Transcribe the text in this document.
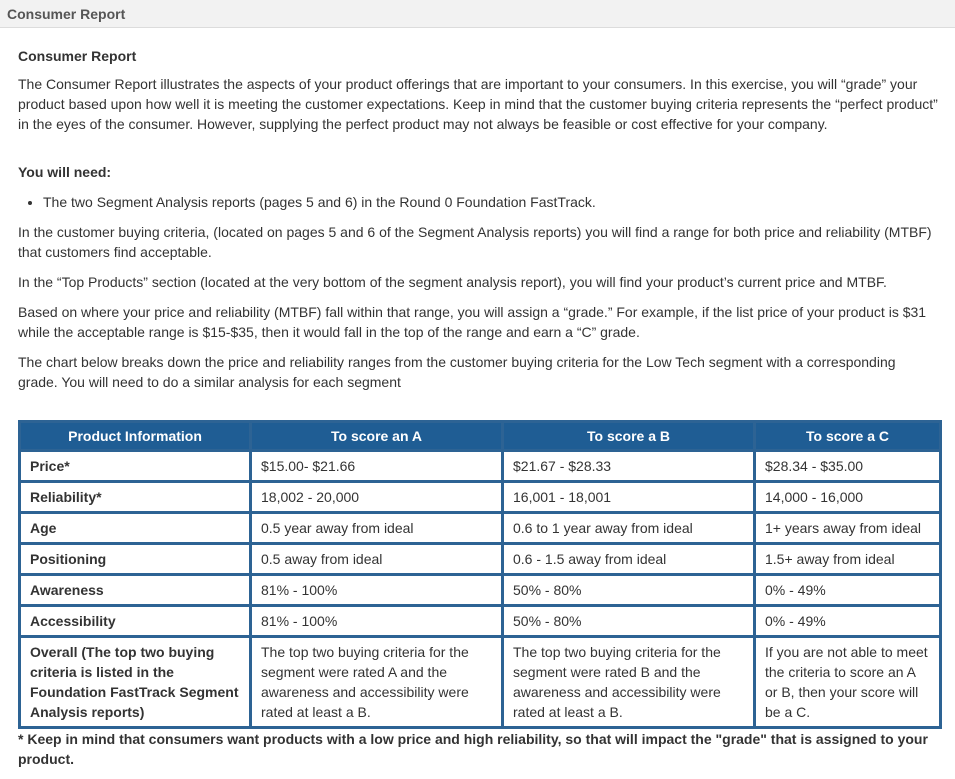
Consumer Report
Consumer Report

The Consumer Report illustrates the aspects of your product offerings that are important to your consumers. In this exercise, you will “grade” your product based upon how well it is meeting the customer expectations. Keep in mind that the customer buying criteria represents the “perfect product” in the eyes of the consumer. However, supplying the perfect product may not always be feasible or cost effective for your company.

You will need:

• The two Segment Analysis reports (pages 5 and 6) in the Round 0 Foundation FastTrack.

In the customer buying criteria, (located on pages 5 and 6 of the Segment Analysis reports) you will find a range for both price and reliability (MTBF) that customers find acceptable.

In the “Top Products” section (located at the very bottom of the segment analysis report), you will find your product’s current price and MTBF.

Based on where your price and reliability (MTBF) fall within that range, you will assign a “grade.” For example, if the list price of your product is $31 while the acceptable range is $15-$35, then it would fall in the top of the range and earn a “C” grade.

The chart below breaks down the price and reliability ranges from the customer buying criteria for the Low Tech segment with a corresponding grade. You will need to do a similar analysis for each segment

Product Information	To score an A	To score a B	To score a C
Price*	$15.00- $21.66	$21.67 - $28.33	$28.34 - $35.00
Reliability*	18,002 - 20,000	16,001 - 18,001	14,000 - 16,000
Age	0.5 year away from ideal	0.6 to 1 year away from ideal	1+ years away from ideal
Positioning	0.5 away from ideal	0.6 - 1.5 away from ideal	1.5+ away from ideal
Awareness	81% - 100%	50% - 80%	0% - 49%
Accessibility	81% - 100%	50% - 80%	0% - 49%
Overall (The top two buying criteria is listed in the Foundation FastTrack Segment Analysis reports)	The top two buying criteria for the segment were rated A and the awareness and accessibility were rated at least a B.	The top two buying criteria for the segment were rated B and the awareness and accessibility were rated at least a B.	If you are not able to meet the criteria to score an A or B, then your score will be a C.

* Keep in mind that consumers want products with a low price and high reliability, so that will impact the "grade" that is assigned to your product.
